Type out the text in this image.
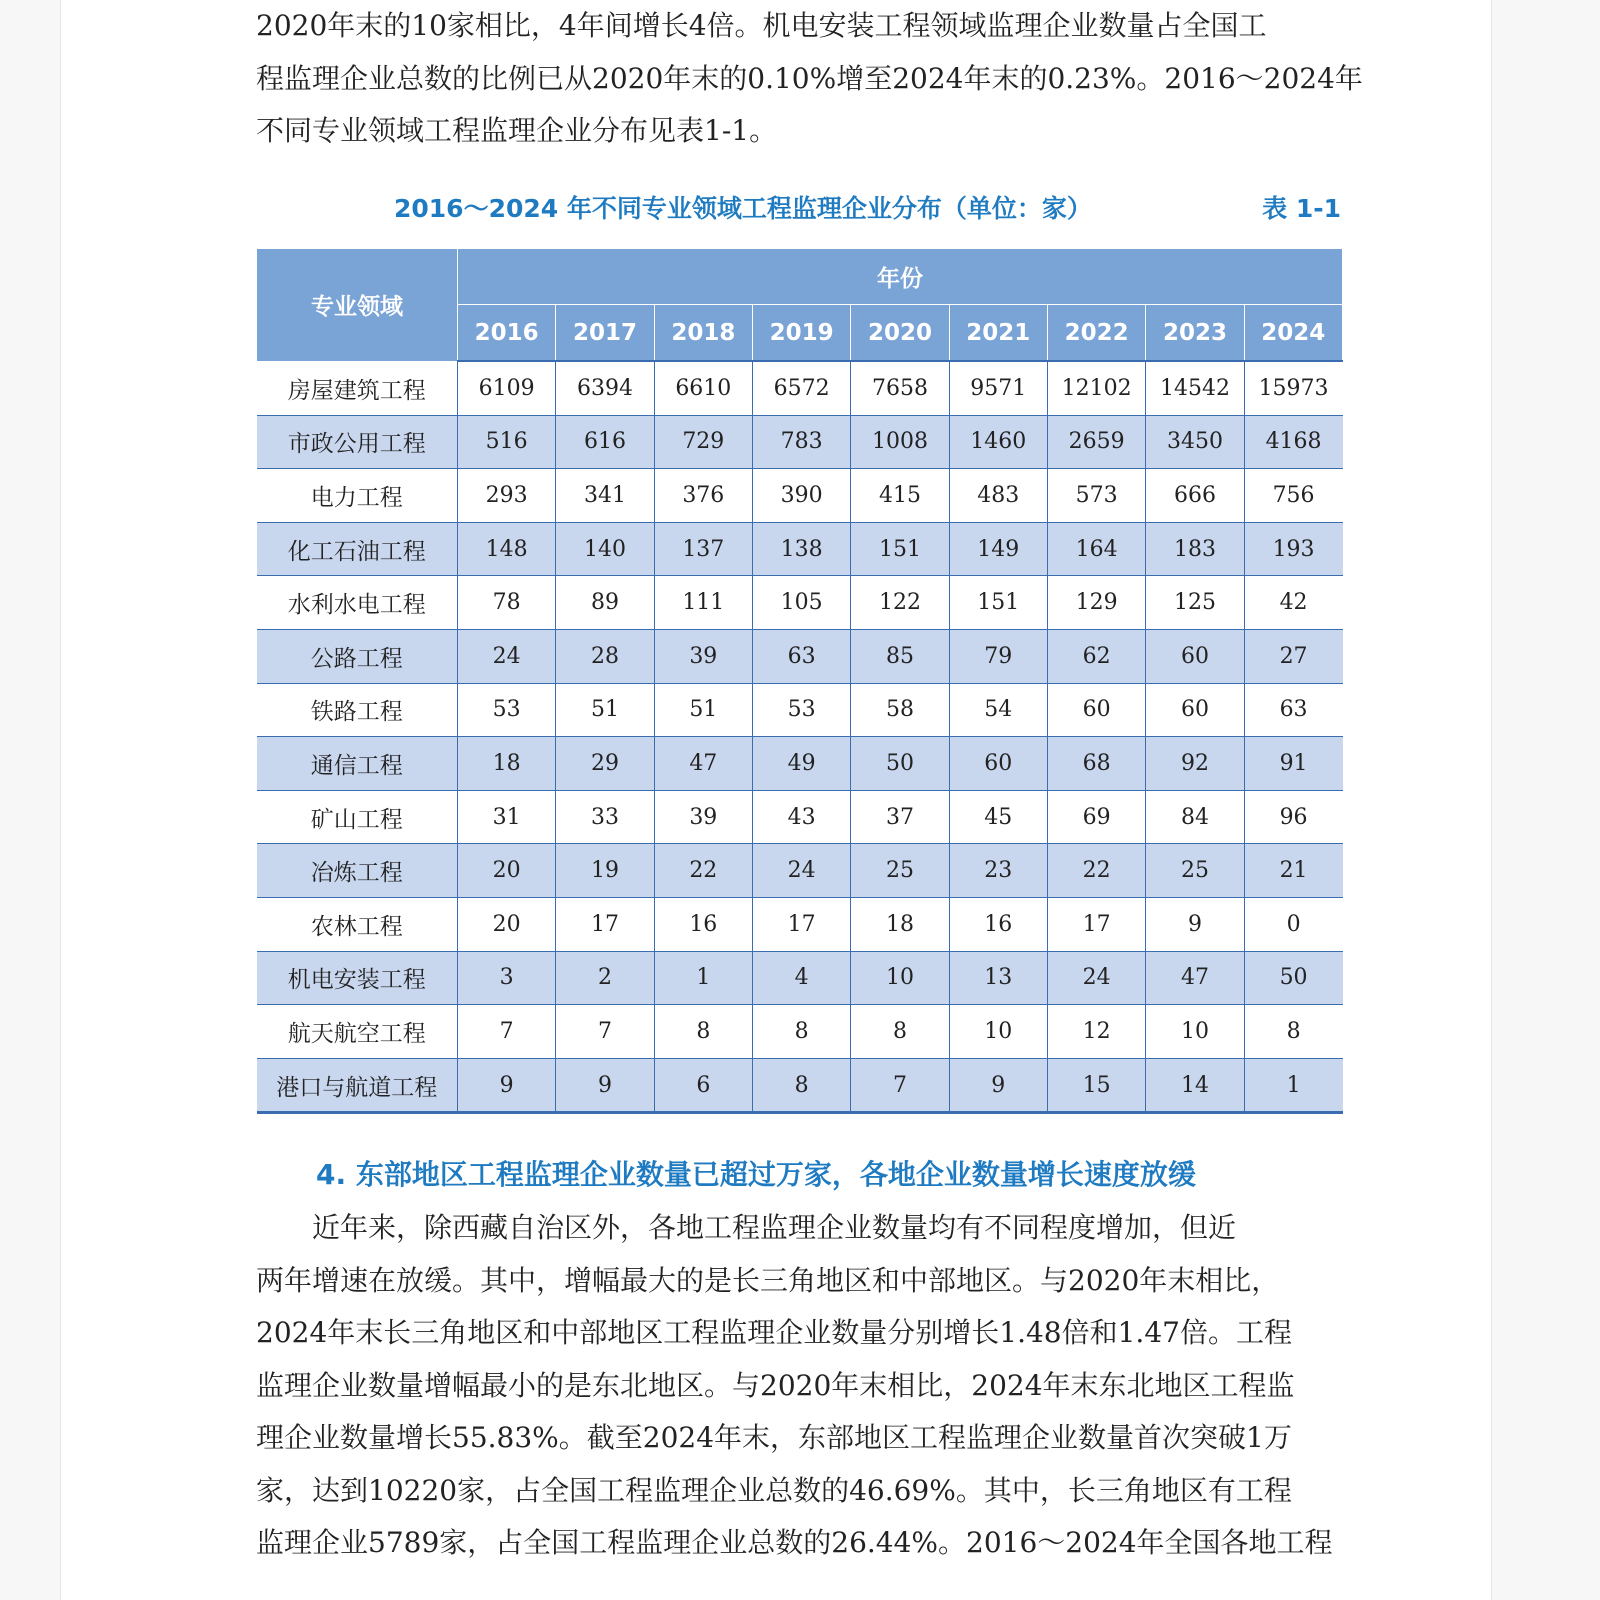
2020年末的10家相比，4年间增长4倍。机电安装工程领域监理企业数量占全国工
程监理企业总数的比例已从2020年末的0.10%增至2024年末的0.23%。2016～2024年
不同专业领域工程监理企业分布见表1-1。

2016～2024 年不同专业领域工程监理企业分布（单位：家）	表 1-1
专业领域	年份								
	2016	2017	2018	2019	2020	2021	2022	2023	2024
房屋建筑工程	6109	6394	6610	6572	7658	9571	12102	14542	15973
市政公用工程	516	616	729	783	1008	1460	2659	3450	4168
电力工程	293	341	376	390	415	483	573	666	756
化工石油工程	148	140	137	138	151	149	164	183	193
水利水电工程	78	89	111	105	122	151	129	125	42
公路工程	24	28	39	63	85	79	62	60	27
铁路工程	53	51	51	53	58	54	60	60	63
通信工程	18	29	47	49	50	60	68	92	91
矿山工程	31	33	39	43	37	45	69	84	96
冶炼工程	20	19	22	24	25	23	22	25	21
农林工程	20	17	16	17	18	16	17	9	0
机电安装工程	3	2	1	4	10	13	24	47	50
航天航空工程	7	7	8	8	8	10	12	10	8
港口与航道工程	9	9	6	8	7	9	15	14	1
4. 东部地区工程监理企业数量已超过万家，各地企业数量增长速度放缓

近年来，除西藏自治区外，各地工程监理企业数量均有不同程度增加，但近
两年增速在放缓。其中，增幅最大的是长三角地区和中部地区。与2020年末相比，
2024年末长三角地区和中部地区工程监理企业数量分别增长1.48倍和1.47倍。工程
监理企业数量增幅最小的是东北地区。与2020年末相比，2024年末东北地区工程监
理企业数量增长55.83%。截至2024年末，东部地区工程监理企业数量首次突破1万
家，达到10220家，占全国工程监理企业总数的46.69%。其中，长三角地区有工程
监理企业5789家，占全国工程监理企业总数的26.44%。2016～2024年全国各地工程
